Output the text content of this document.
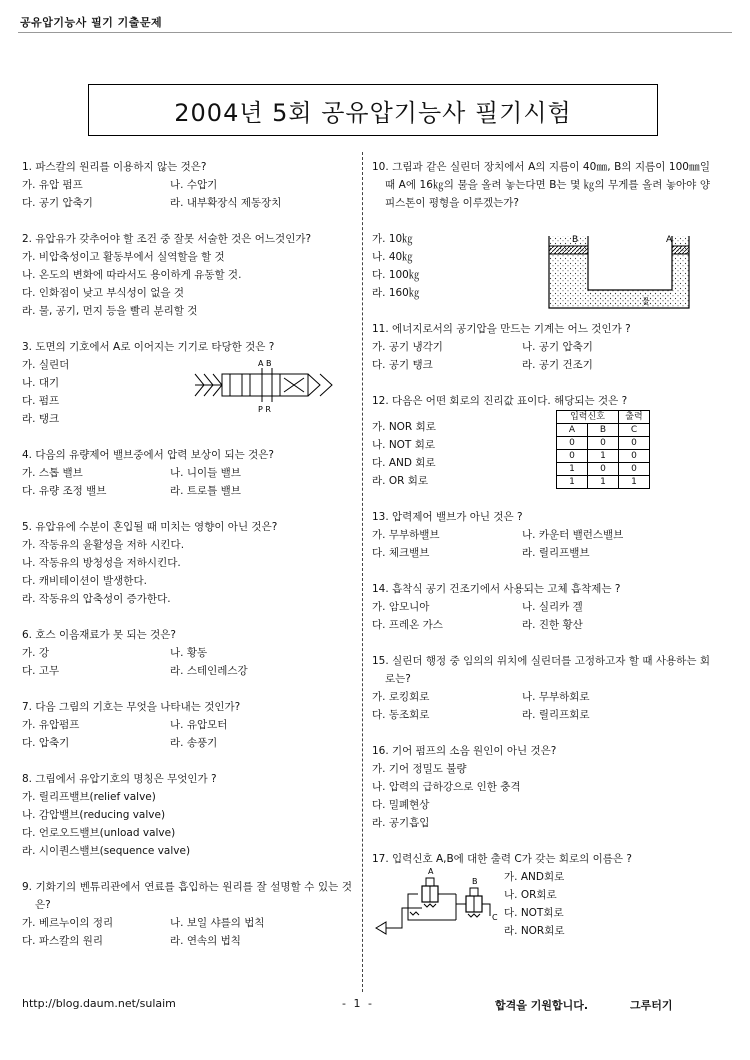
공유압기능사 필기 기출문제
2004년 5회 공유압기능사 필기시험
1. 파스칼의 원리를 이용하지 않는 것은?
가. 유압 펌프	나. 수압기
다. 공기 압축기	라. 내부확장식 제동장치
2. 유압유가 갖추어야 할 조건 중 잘못 서술한 것은 어느것인가?
가. 비압축성이고 활동부에서 실역할을 할 것
나. 온도의 변화에 따라서도 용이하게 유동할 것.
다. 인화점이 낮고 부식성이 없을 것
라. 물, 공기, 먼지 등을 빨리 분리할 것
3. 도면의 기호에서 A로 이어지는 기기로 타당한 것은 ?
가. 실린더
나. 대기
다. 펌프
라. 탱크
A B
P R
4. 다음의 유량제어 밸브중에서 압력 보상이 되는 것은?
가. 스톱 밸브	나. 니이들 밸브
다. 유량 조정 밸브	라. 트로틀 밸브
5. 유압유에 수분이 혼입될 때 미치는 영향이 아닌 것은?
가. 작동유의 윤활성을 저하 시킨다.
나. 작동유의 방청성을 저하시킨다.
다. 캐비테이션이 발생한다.
라. 작동유의 압축성이 증가한다.
6. 호스 이음재료가 못 되는 것은?
가. 강	나. 황동
다. 고무	라. 스테인레스강
7. 다음 그림의 기호는 무엇을 나타내는 것인가?
가. 유압펌프	나. 유압모터
다. 압축기	라. 송풍기
8. 그림에서 유압기호의 명칭은 무엇인가 ?
가. 릴리프밸브(relief valve)
나. 감압밸브(reducing valve)
다. 언로오드밸브(unload valve)
라. 시이퀀스밸브(sequence valve)
9. 기화기의 벤튜리관에서 연료를 흡입하는 원리를 잘 설명할 수 있는 것은?
가. 베르누이의 정리	나. 보일 샤를의 법칙
다. 파스칼의 원리	라. 연속의 법칙
10. 그림과 같은 실린더 장치에서 A의 지름이 40㎜, B의 지름이 100㎜일 때 A에 16㎏의 물을 올려 놓는다면 B는 몇 ㎏의 무게를 올려 놓아야 양 피스톤이 평형을 이루겠는가?
가. 10㎏
나. 40㎏
다. 100㎏
라. 160㎏
A
물
11. 에너지로서의 공기압을 만드는 기계는 어느 것인가 ?
가. 공기 냉각기	나. 공기 압축기
다. 공기 탱크	라. 공기 건조기
12. 다음은 어떤 회로의 진리값 표이다. 해당되는 것은 ?
가. NOR 회로
나. NOT 회로
다. AND 회로
라. OR 회로
입력신호		출력
A	B	C
0	0	0
0	1	0
1	0	0
1	1	1
13. 압력제어 밸브가 아닌 것은 ?
가. 무부하밸브	나. 카운터 밸런스밸브
다. 체크밸브	라. 릴리프밸브
14. 흡착식 공기 건조기에서 사용되는 고체 흡착제는 ?
가. 암모니아	나. 실리카 겔
다. 프레온 가스	라. 진한 황산
15. 실린더 행정 중 임의의 위치에 실린더를 고정하고자 할 때 사용하는 회로는?
가. 로킹회로	나. 무부하회로
다. 동조회로	라. 릴리프회로
16. 기어 펌프의 소음 원인이 아닌 것은?
가. 기어 정밀도 불량
나. 압력의 급하강으로 인한 충격
다. 밀폐현상
라. 공기흡입
17. 입력신호 A,B에 대한 출력 C가 갖는 회로의 이름은 ?
가. AND회로
나. OR회로
다. NOT회로
라. NOR회로
A
B
C
http://blog.daum.net/sulaim	- 1 -	합격을 기원합니다.	그루터기
